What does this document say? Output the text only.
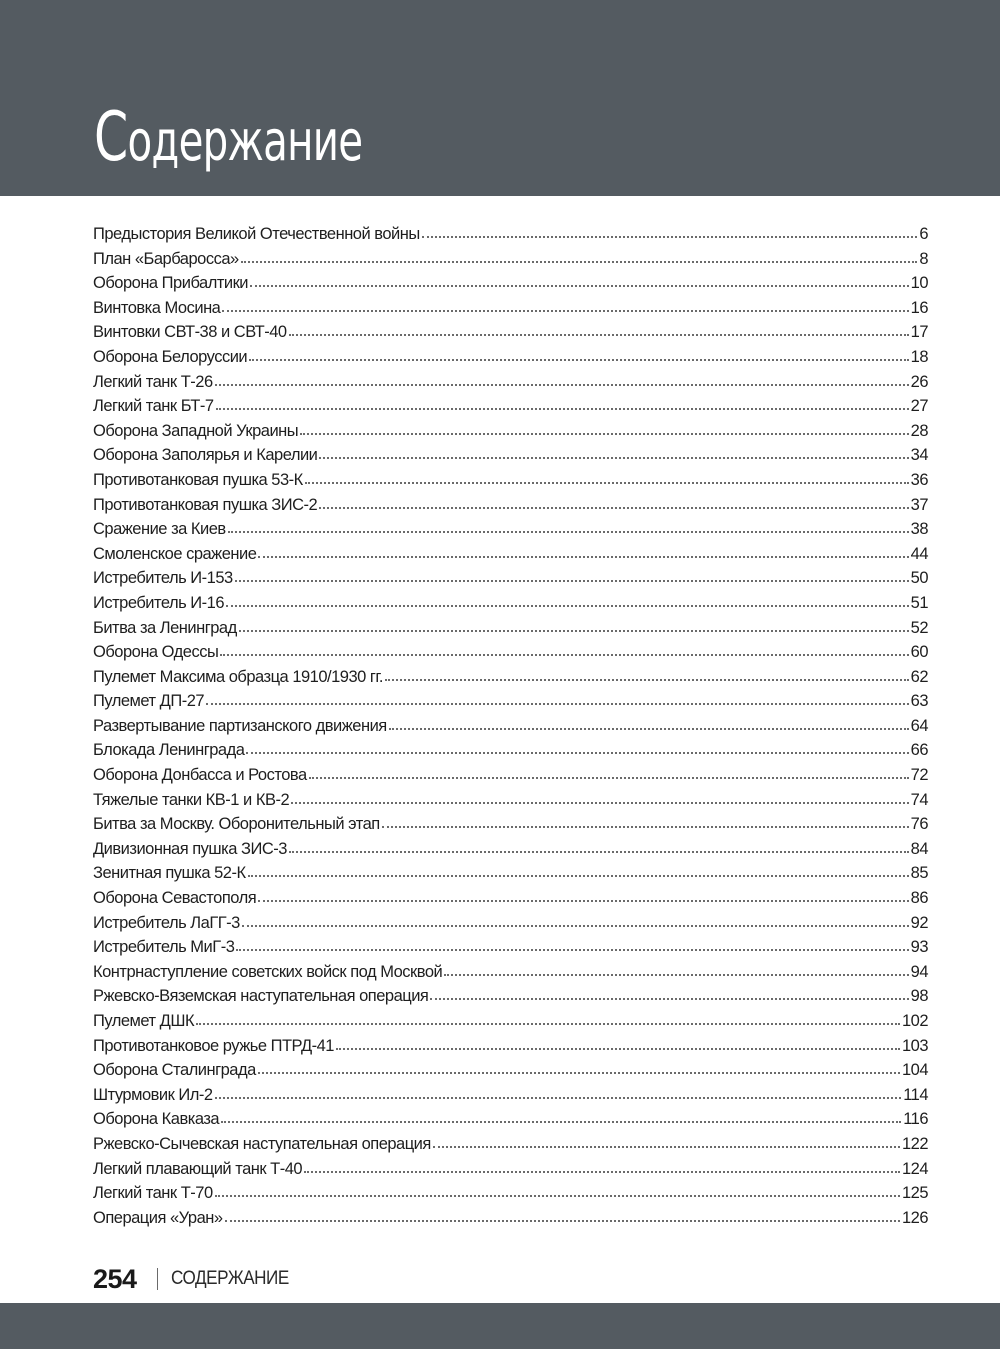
Содержание
Предыстория Великой Отечественной войны	6
План «Барбаросса»	8
Оборона Прибалтики	10
Винтовка Мосина	16
Винтовки СВТ-38 и СВТ-40	17
Оборона Белоруссии	18
Легкий танк Т-26	26
Легкий танк БТ-7	27
Оборона Западной Украины	28
Оборона Заполярья и Карелии	34
Противотанковая пушка 53-К	36
Противотанковая пушка ЗИС-2	37
Сражение за Киев	38
Смоленское сражение	44
Истребитель И-153	50
Истребитель И-16	51
Битва за Ленинград	52
Оборона Одессы	60
Пулемет Максима образца 1910/1930 гг.	62
Пулемет ДП-27	63
Развертывание партизанского движения	64
Блокада Ленинграда	66
Оборона Донбасса и Ростова	72
Тяжелые танки КВ-1 и КВ-2	74
Битва за Москву. Оборонительный этап	76
Дивизионная пушка ЗИС-3	84
Зенитная пушка 52-К	85
Оборона Севастополя	86
Истребитель ЛаГГ-3	92
Истребитель МиГ-3	93
Контрнаступление советских войск под Москвой	94
Ржевско-Вяземская наступательная операция	98
Пулемет ДШК	102
Противотанковое ружье ПТРД-41	103
Оборона Сталинграда	104
Штурмовик Ил-2	114
Оборона Кавказа	116
Ржевско-Сычевская наступательная операция	122
Легкий плавающий танк Т-40	124
Легкий танк Т-70	125
Операция «Уран»	126
254 СОДЕРЖАНИЕ
